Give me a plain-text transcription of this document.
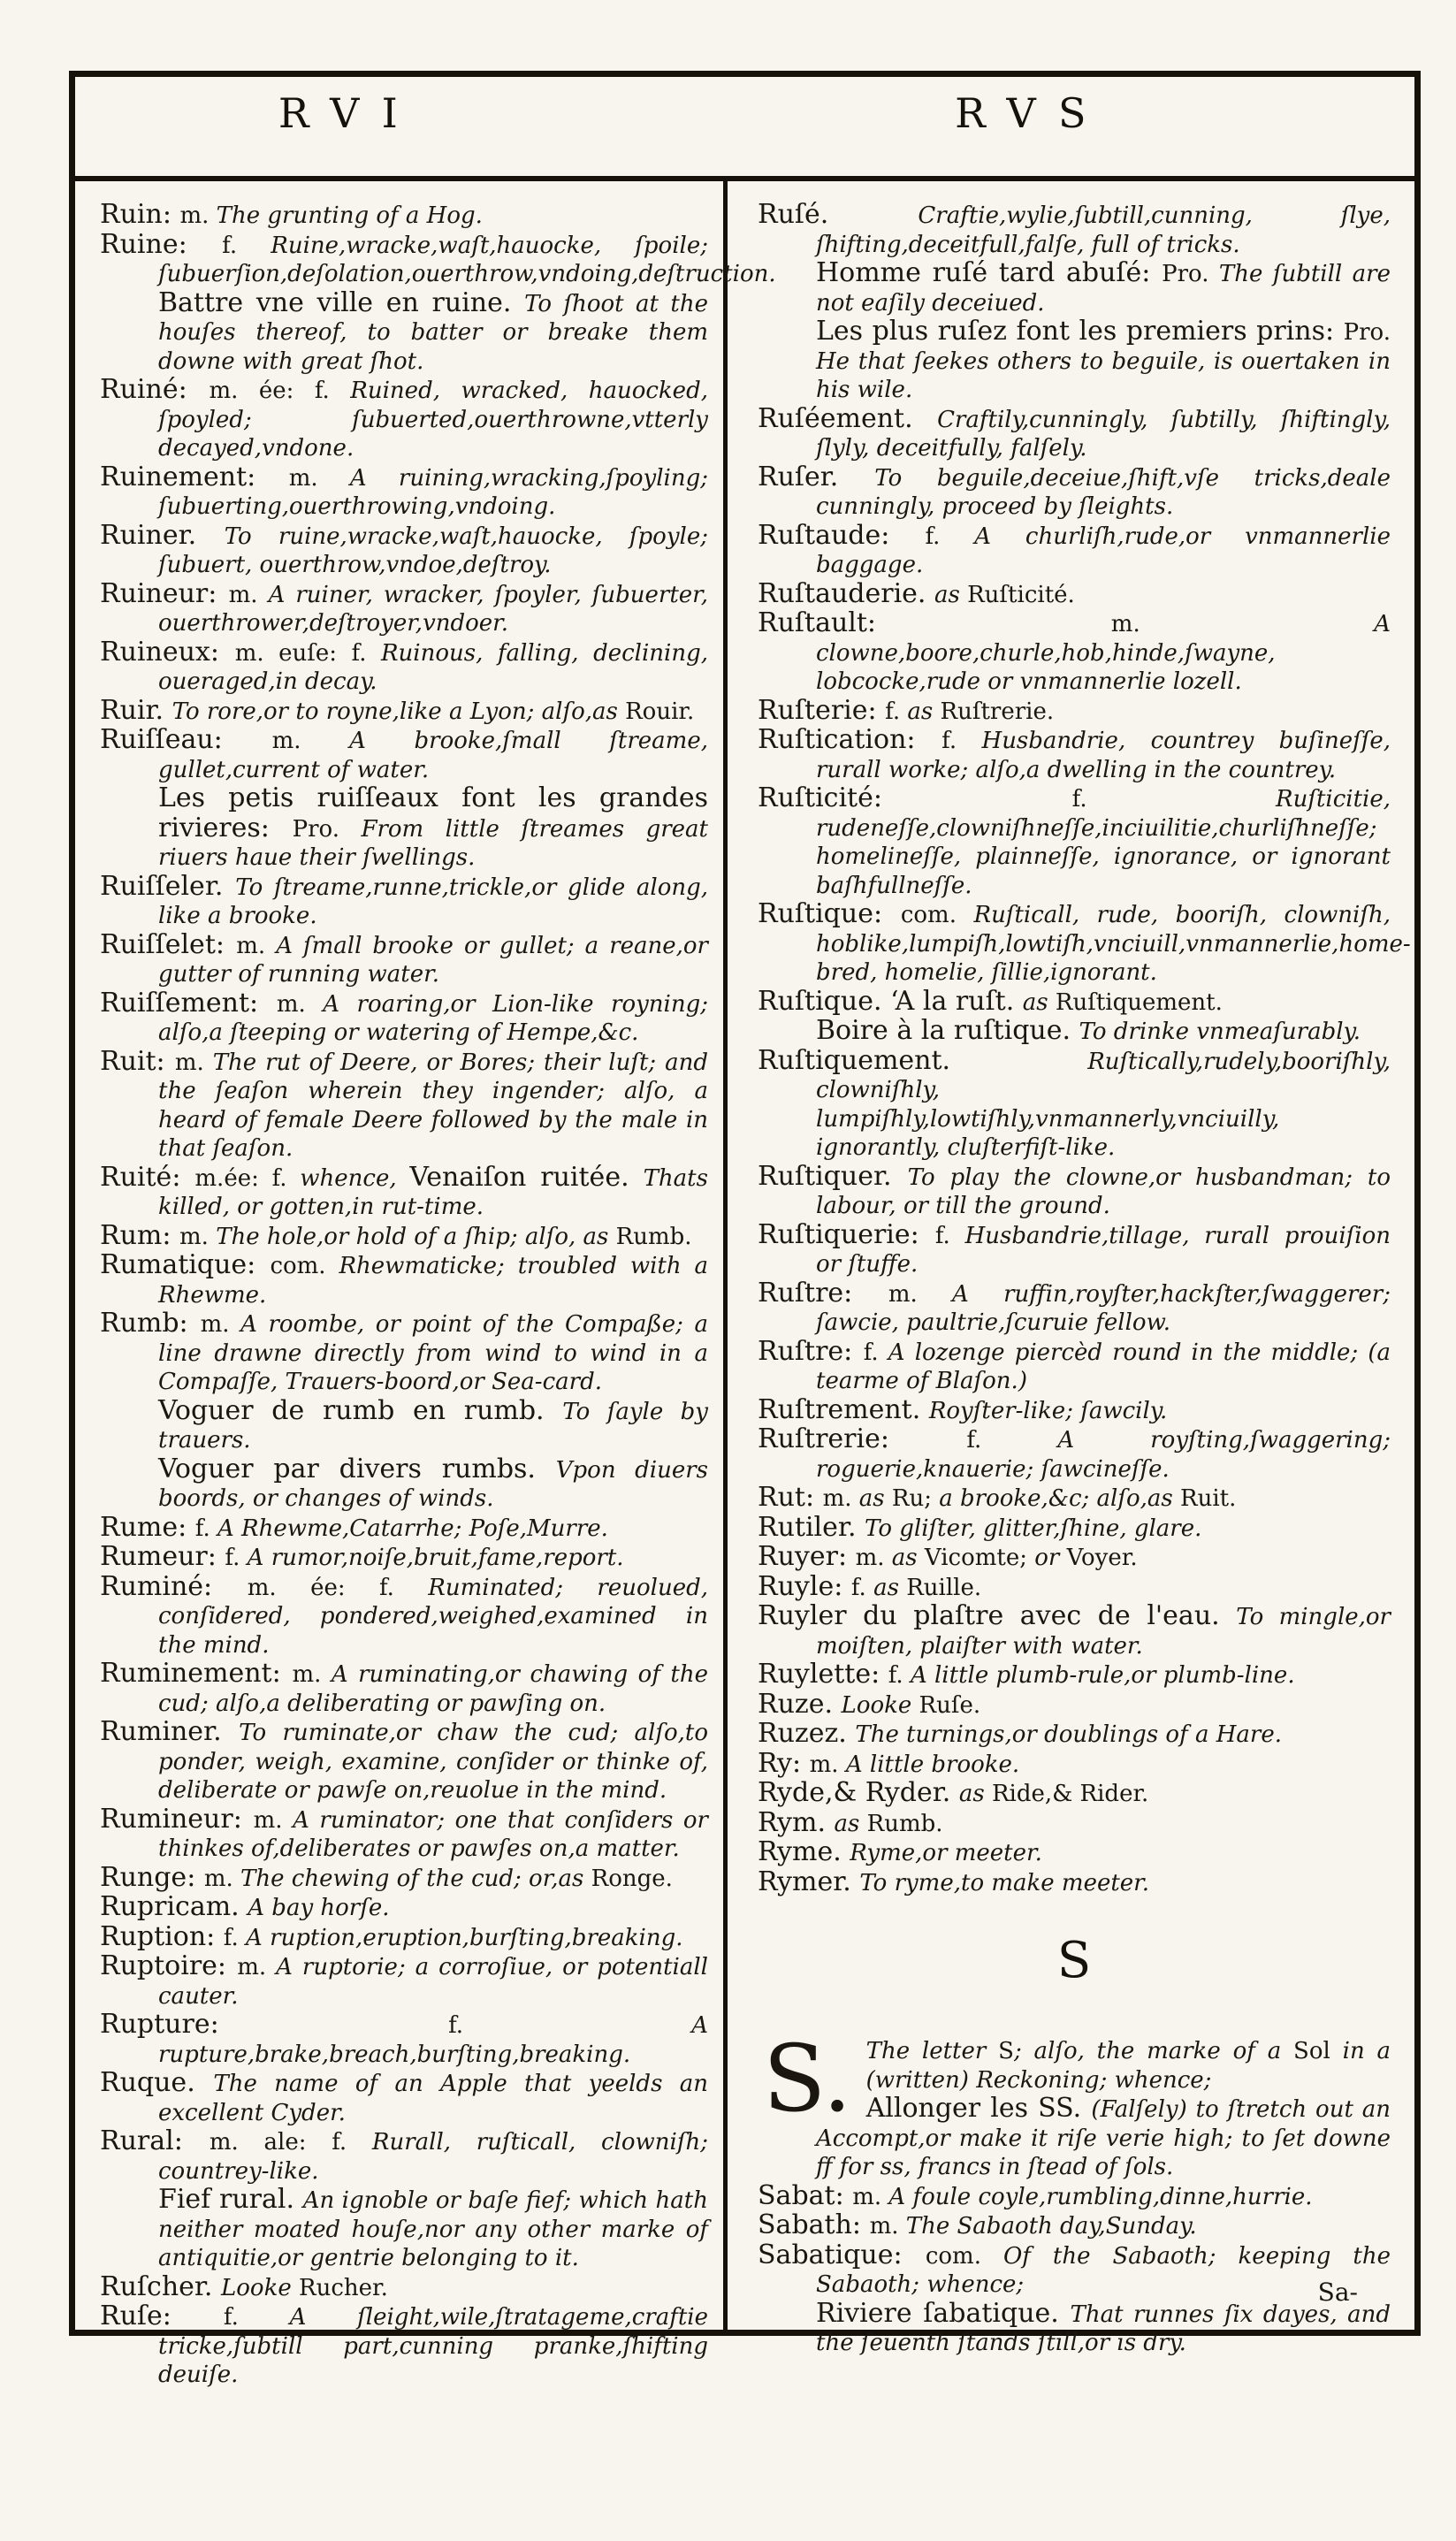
RVI	RVS

Ruin: m. The grunting of a Hog.

Ruine: f. Ruine,wracke,waſt,hauocke, ſpoile; ſubuerſion,deſolation,ouerthrow,vndoing,deſtruction.

Battre vne ville en ruine. To ſhoot at the houſes thereof, to batter or breake them downe with great ſhot.

Ruiné: m. ée: f. Ruined, wracked, hauocked, ſpoyled; ſubuerted,ouerthrowne,vtterly decayed,vndone.

Ruinement: m. A ruining,wracking,ſpoyling; ſubuerting,ouerthrowing,vndoing.

Ruiner. To ruine,wracke,waſt,hauocke, ſpoyle; ſubuert, ouerthrow,vndoe,deſtroy.

Ruineur: m. A ruiner, wracker, ſpoyler, ſubuerter, ouerthrower,deſtroyer,vndoer.

Ruineux: m. euſe: f. Ruinous, falling, declining, oueraged,in decay.

Ruir. To rore,or to royne,like a Lyon; alſo,as Rouir.

Ruiſſeau: m. A brooke,ſmall ſtreame, gullet,current of water.

Les petis ruiſſeaux font les grandes rivieres: Pro. From little ſtreames great riuers haue their ſwellings.

Ruiſſeler. To ſtreame,runne,trickle,or glide along, like a brooke.

Ruiſſelet: m. A ſmall brooke or gullet; a reane,or gutter of running water.

Ruiſſement: m. A roaring,or Lion-like royning; alſo,a ſteeping or watering of Hempe,&c.

Ruit: m. The rut of Deere, or Bores; their luſt; and the ſeaſon wherein they ingender; alſo, a heard of female Deere followed by the male in that ſeaſon.

Ruité: m.ée: f. whence, Venaiſon ruitée. Thats killed, or gotten,in rut-time.

Rum: m. The hole,or hold of a ſhip; alſo, as Rumb.

Rumatique: com. Rhewmaticke; troubled with a Rhewme.

Rumb: m. A roombe, or point of the Compaße; a line drawne directly from wind to wind in a Compaſſe, Trauers-boord,or Sea-card.

Voguer de rumb en rumb. To ſayle by trauers.

Voguer par divers rumbs. Vpon diuers boords, or changes of winds.

Rume: f. A Rhewme,Catarrhe; Poſe,Murre.

Rumeur: f. A rumor,noiſe,bruit,fame,report.

Ruminé: m. ée: f. Ruminated; reuolued, conſidered, pondered,weighed,examined in the mind.

Ruminement: m. A ruminating,or chawing of the cud; alſo,a deliberating or pawſing on.

Ruminer. To ruminate,or chaw the cud; alſo,to ponder, weigh, examine, conſider or thinke of, deliberate or pawſe on,reuolue in the mind.

Rumineur: m. A ruminator; one that conſiders or thinkes of,deliberates or pawſes on,a matter.

Runge: m. The chewing of the cud; or,as Ronge.

Rupricam. A bay horſe.

Ruption: f. A ruption,eruption,burſting,breaking.

Ruptoire: m. A ruptorie; a corroſiue, or potentiall cauter.

Rupture: f. A rupture,brake,breach,burſting,breaking.

Ruque. The name of an Apple that yeelds an excellent Cyder.

Rural: m. ale: f. Rurall, ruſticall, clowniſh; countrey-like.

Fief rural. An ignoble or baſe fief; which hath neither moated houſe,nor any other marke of antiquitie,or gentrie belonging to it.

Ruſcher. Looke Rucher.

Ruſe: f. A ſleight,wile,ſtratageme,craftie tricke,ſubtill part,cunning pranke,ſhifting deuiſe.

Ruſé. Craftie,wylie,ſubtill,cunning, ſlye, ſhifting,deceitfull,falſe, full of tricks.

Homme ruſé tard abuſé: Pro. The ſubtill are not eaſily deceiued.

Les plus ruſez font les premiers prins: Pro. He that ſeekes others to beguile, is ouertaken in his wile.

Ruſéement. Craftily,cunningly, ſubtilly, ſhiftingly, ſlyly, deceitfully, falſely.

Ruſer. To beguile,deceiue,ſhift,vſe tricks,deale cunningly, proceed by ſleights.

Ruſtaude: f. A churliſh,rude,or vnmannerlie baggage.

Ruſtauderie. as Ruſticité.

Ruſtault: m. A clowne,boore,churle,hob,hinde,ſwayne, lobcocke,rude or vnmannerlie lozell.

Ruſterie: f. as Ruſtrerie.

Ruſtication: f. Husbandrie, countrey buſineſſe, rurall worke; alſo,a dwelling in the countrey.

Ruſticité: f. Ruſticitie, rudeneſſe,clowniſhneſſe,inciuilitie,churliſhneſſe; homelineſſe, plainneſſe, ignorance, or ignorant baſhfullneſſe.

Ruſtique: com. Ruſticall, rude, booriſh, clowniſh, hoblike,lumpiſh,lowtiſh,vnciuill,vnmannerlie,home-bred, homelie, ſillie,ignorant.

Ruſtique. ‘A la ruſt. as Ruſtiquement.

Boire à la ruſtique. To drinke vnmeaſurably.

Ruſtiquement. Ruſtically,rudely,booriſhly, clowniſhly, lumpiſhly,lowtiſhly,vnmannerly,vnciuilly, ignorantly, cluſterfiſt-like.

Ruſtiquer. To play the clowne,or husbandman; to labour, or till the ground.

Ruſtiquerie: f. Husbandrie,tillage, rurall prouiſion or ſtuffe.

Ruſtre: m. A ruffin,royſter,hackſter,ſwaggerer; ſawcie, paultrie,ſcuruie fellow.

Ruſtre: f. A lozenge piercèd round in the middle; (a tearme of Blaſon.)

Ruſtrement. Royſter-like; ſawcily.

Ruſtrerie: f. A royſting,ſwaggering; roguerie,knauerie; ſawcineſſe.

Rut: m. as Ru; a brooke,&c; alſo,as Ruit.

Rutiler. To gliſter, glitter,ſhine, glare.

Ruyer: m. as Vicomte; or Voyer.

Ruyle: f. as Ruille.

Ruyler du plaſtre avec de l'eau. To mingle,or moiſten, plaiſter with water.

Ruylette: f. A little plumb-rule,or plumb-line.

Ruze. Looke Ruſe.

Ruzez. The turnings,or doublings of a Hare.

Ry: m. A little brooke.

Ryde,& Ryder. as Ride,& Rider.

Rym. as Rumb.

Ryme. Ryme,or meeter.

Rymer. To ryme,to make meeter.

S

S. The letter S; alſo, the marke of a Sol in a (written) Reckoning; whence;

Allonger les SS. (Falſely) to ſtretch out an Accompt,or make it riſe verie high; to ſet downe ff for ss, francs in ſtead of ſols.

Sabat: m. A foule coyle,rumbling,dinne,hurrie.

Sabath: m. The Sabaoth day,Sunday.

Sabatique: com. Of the Sabaoth; keeping the Sabaoth; whence;

Riviere ſabatique. That runnes ſix dayes, and the ſeuenth ſtands ſtill,or is dry.

Sa-
